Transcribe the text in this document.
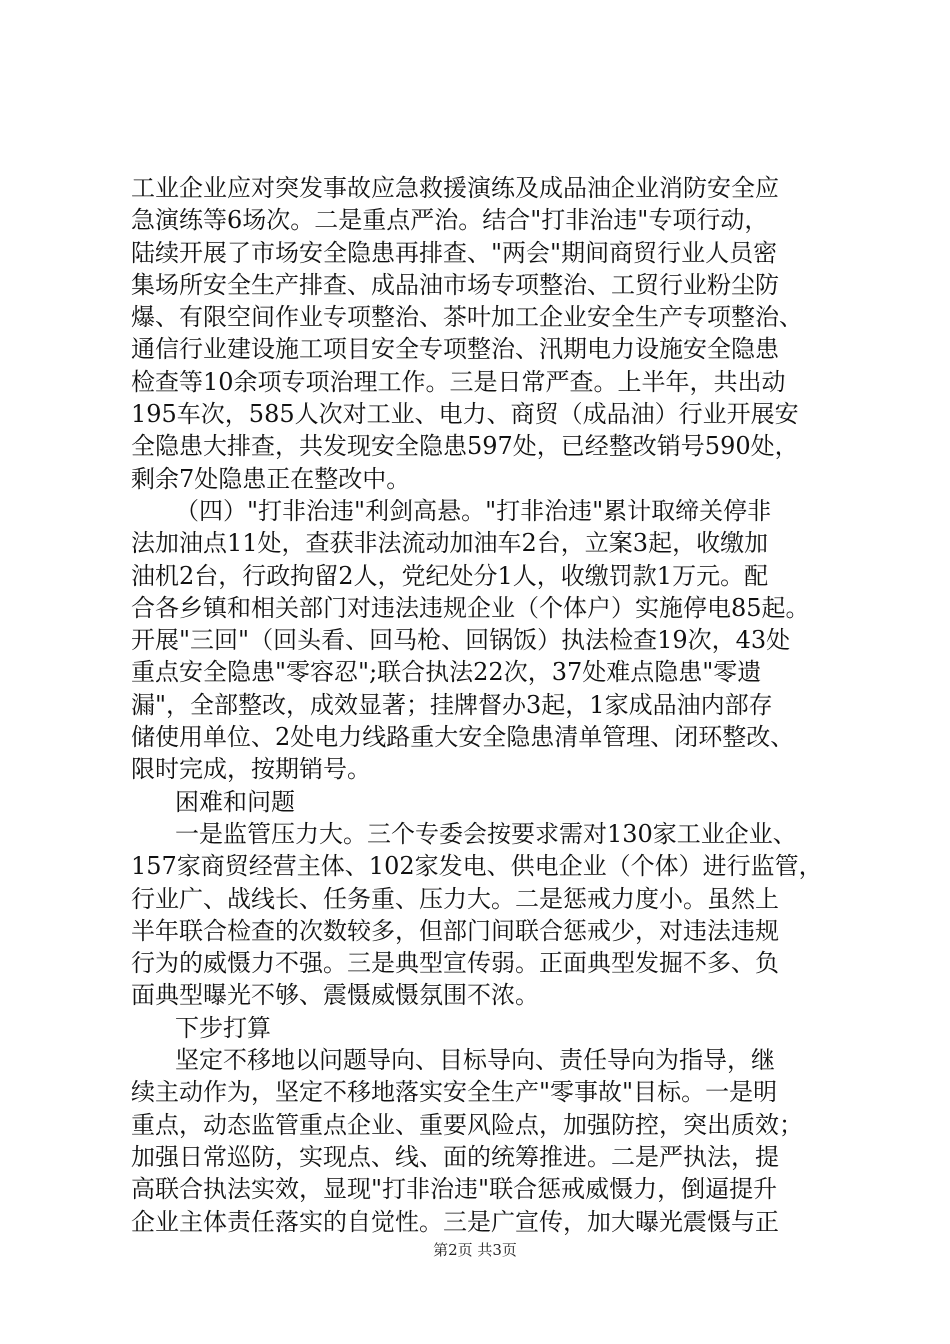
工业企业应对突发事故应急救援演练及成品油企业消防安全应
急演练等6场次。二是重点严治。结合"打非治违"专项行动，
陆续开展了市场安全隐患再排查、"两会"期间商贸行业人员密
集场所安全生产排查、成品油市场专项整治、工贸行业粉尘防
爆、有限空间作业专项整治、茶叶加工企业安全生产专项整治、
通信行业建设施工项目安全专项整治、汛期电力设施安全隐患
检查等10余项专项治理工作。三是日常严查。上半年，共出动
195车次，585人次对工业、电力、商贸（成品油）行业开展安
全隐患大排查，共发现安全隐患597处，已经整改销号590处，
剩余7处隐患正在整改中。
（四）"打非治违"利剑高悬。"打非治违"累计取缔关停非
法加油点11处，查获非法流动加油车2台，立案3起，收缴加
油机2台，行政拘留2人，党纪处分1人，收缴罚款1万元。配
合各乡镇和相关部门对违法违规企业（个体户）实施停电85起。
开展"三回"（回头看、回马枪、回锅饭）执法检查19次，43处
重点安全隐患"零容忍";联合执法22次，37处难点隐患"零遗
漏"，全部整改，成效显著；挂牌督办3起，1家成品油内部存
储使用单位、2处电力线路重大安全隐患清单管理、闭环整改、
限时完成，按期销号。
困难和问题
一是监管压力大。三个专委会按要求需对130家工业企业、
157家商贸经营主体、102家发电、供电企业（个体）进行监管，
行业广、战线长、任务重、压力大。二是惩戒力度小。虽然上
半年联合检查的次数较多，但部门间联合惩戒少，对违法违规
行为的威慑力不强。三是典型宣传弱。正面典型发掘不多、负
面典型曝光不够、震慑威慑氛围不浓。
下步打算
坚定不移地以问题导向、目标导向、责任导向为指导，继
续主动作为，坚定不移地落实安全生产"零事故"目标。一是明
重点，动态监管重点企业、重要风险点，加强防控，突出质效；
加强日常巡防，实现点、线、面的统筹推进。二是严执法，提
高联合执法实效，显现"打非治违"联合惩戒威慑力，倒逼提升
企业主体责任落实的自觉性。三是广宣传，加大曝光震慑与正
第2页 共3页
